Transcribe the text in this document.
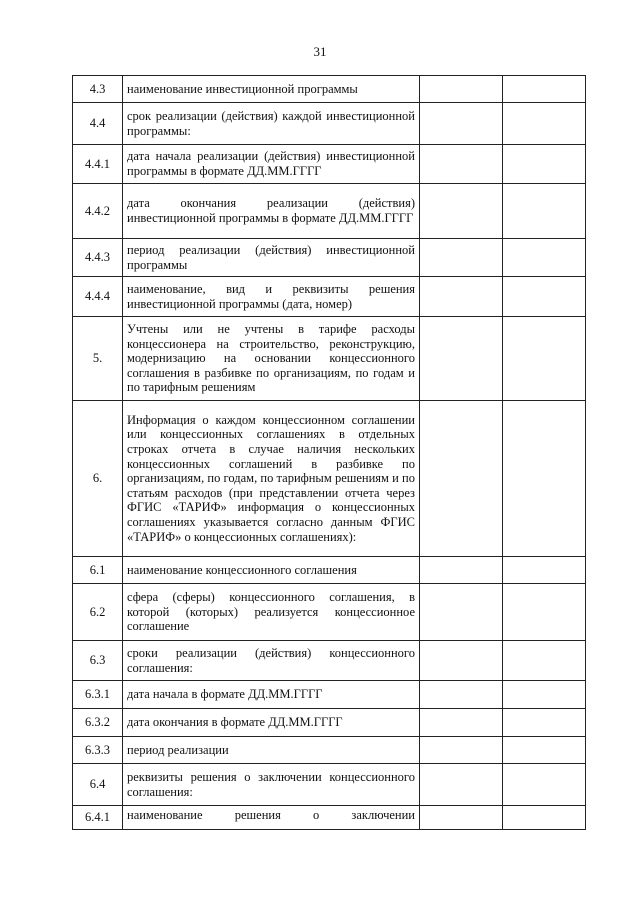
31
4.3	наименование инвестиционной программы		
4.4	срок реализации (действия) каждой инвестиционной программы:		
4.4.1	дата начала реализации (действия) инвестиционной программы в формате ДД.ММ.ГГГГ		
4.4.2	дата окончания реализации (действия) инвестиционной программы в формате ДД.ММ.ГГГГ		
4.4.3	период реализации (действия) инвестиционной программы		
4.4.4	наименование, вид и реквизиты решения инвестиционной программы (дата, номер)		
5.	Учтены или не учтены в тарифе расходы концессионера на строительство, реконструкцию, модернизацию на основании концессионного соглашения в разбивке по организациям, по годам и по тарифным решениям		
6.	Информация о каждом концессионном соглашении или концессионных соглашениях в отдельных строках отчета в случае наличия нескольких концессионных соглашений в разбивке по организациям, по годам, по тарифным решениям и по статьям расходов (при представлении отчета через ФГИС «ТАРИФ» информация о концессионных соглашениях указывается согласно данным ФГИС «ТАРИФ» о концессионных соглашениях):		
6.1	наименование концессионного соглашения		
6.2	сфера (сферы) концессионного соглашения, в которой (которых) реализуется концессионное соглашение		
6.3	сроки реализации (действия) концессионного соглашения:		
6.3.1	дата начала в формате ДД.ММ.ГГГГ		
6.3.2	дата окончания в формате ДД.ММ.ГГГГ		
6.3.3	период реализации		
6.4	реквизиты решения о заключении концессионного соглашения:		
6.4.1	наименование решения о заключении		
